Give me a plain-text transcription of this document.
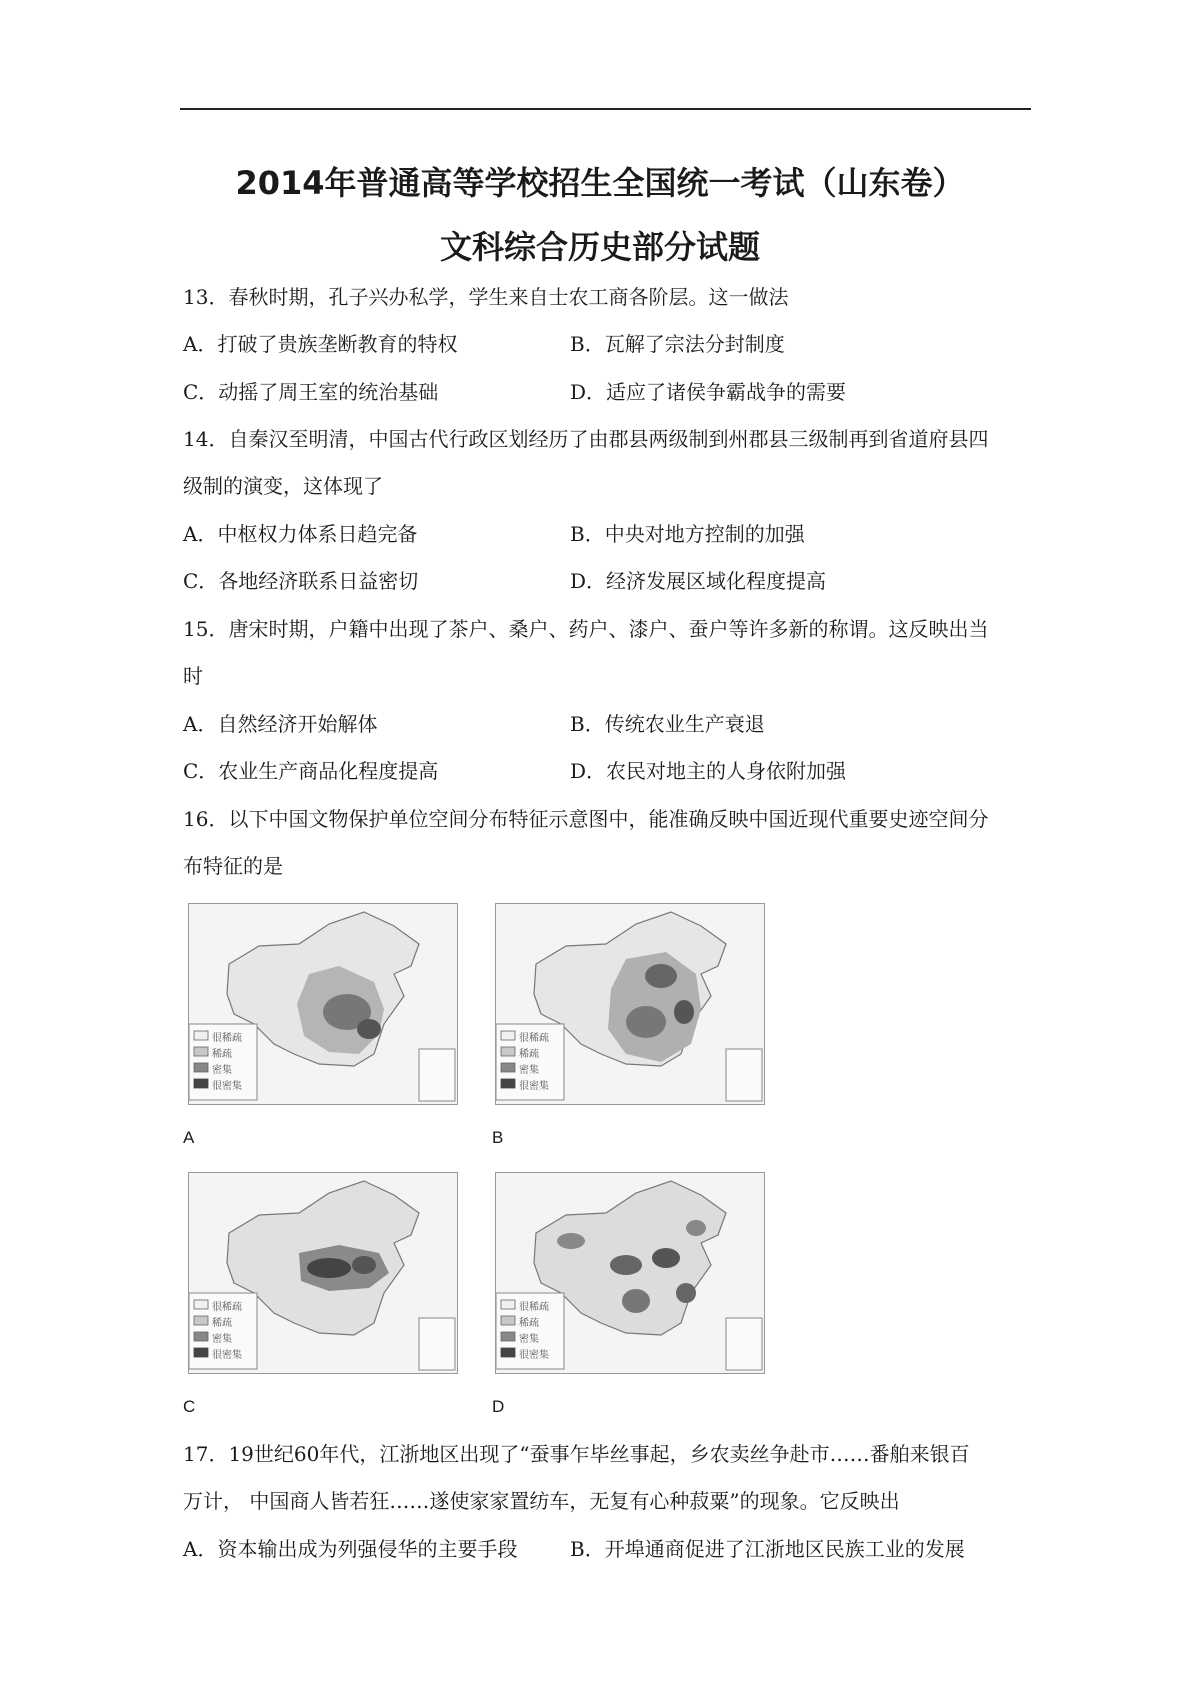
2014年普通高等学校招生全国统一考试（山东卷）
文科综合历史部分试题
13．春秋时期，孔子兴办私学，学生来自士农工商各阶层。这一做法
A．打破了贵族垄断教育的特权	B．瓦解了宗法分封制度
C．动摇了周王室的统治基础	D．适应了诸侯争霸战争的需要
14．自秦汉至明清，中国古代行政区划经历了由郡县两级制到州郡县三级制再到省道府县四
级制的演变，这体现了
A．中枢权力体系日趋完备	B．中央对地方控制的加强
C．各地经济联系日益密切	D．经济发展区域化程度提高
15．唐宋时期，户籍中出现了茶户、桑户、药户、漆户、蚕户等许多新的称谓。这反映出当
时
A．自然经济开始解体	B．传统农业生产衰退
C．农业生产商品化程度提高	D．农民对地主的人身依附加强
16．以下中国文物保护单位空间分布特征示意图中，能准确反映中国近现代重要史迹空间分
布特征的是
很稀疏
稀疏
密集
很密集
A
很稀疏
稀疏
密集
很密集
B
很稀疏
稀疏
密集
很密集
C
很稀疏
稀疏
密集
很密集
D
17．19世纪60年代，江浙地区出现了“蚕事乍毕丝事起，乡农卖丝争赴市……番舶来银百
万计， 中国商人皆若狂……遂使家家置纺车，无复有心种菽粟”的现象。它反映出
A．资本输出成为列强侵华的主要手段	B．开埠通商促进了江浙地区民族工业的发展
